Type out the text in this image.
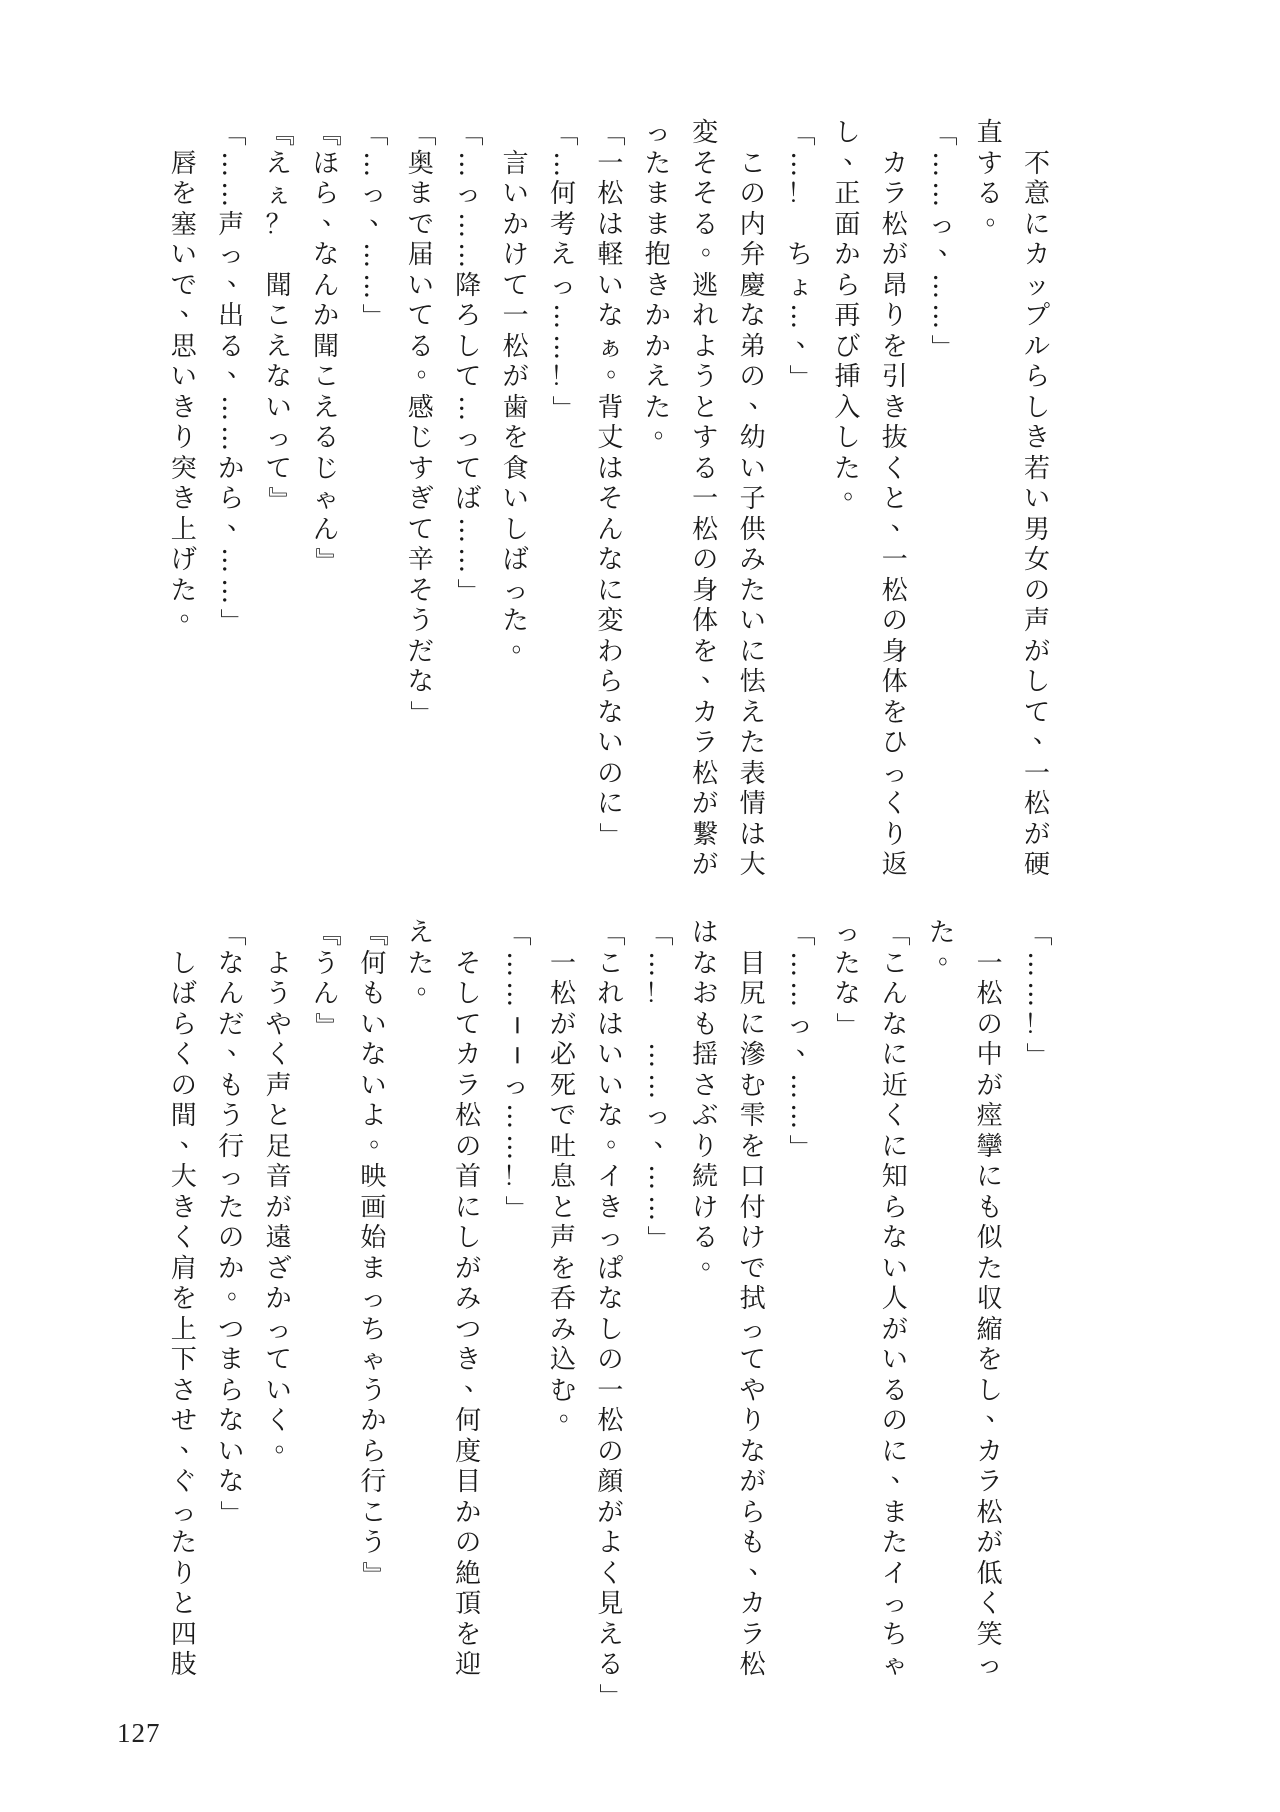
不
意
に
カ
ッ
プ
ル
ら
し
き
若
い
男
女
の
声
が
し
て
、
一
松
が
硬
直
す
る
。
「
…
…
っ
、
…
…
」
カ
ラ
松
が
昂
り
を
引
き
抜
く
と
、
一
松
の
身
体
を
ひ
っ
く
り
返
し
、
正
面
か
ら
再
び
挿
入
し
た
。
「
…
！

ち
ょ
…
、
」
こ
の
内
弁
慶
な
弟
の
、
幼
い
子
供
み
た
い
に
怯
え
た
表
情
は
大
変
そ
そ
る
。
逃
れ
よ
う
と
す
る
一
松
の
身
体
を
、
カ
ラ
松
が
繋
が
っ
た
ま
ま
抱
き
か
か
え
た
。
「
一
松
は
軽
い
な
ぁ
。
背
丈
は
そ
ん
な
に
変
わ
ら
な
い
の
に
」
「
…
何
考
え
っ
…
…
！
」
言
い
か
け
て
一
松
が
歯
を
食
い
し
ば
っ
た
。
「
…
っ
…
…
降
ろ
し
て
…
っ
て
ば
…
…
」
「
奥
ま
で
届
い
て
る
。
感
じ
す
ぎ
て
辛
そ
う
だ
な
」
「
…
っ
、
…
…
」
『
ほ
ら
、
な
ん
か
聞
こ
え
る
じ
ゃ
ん
』
『
え
ぇ
？

聞
こ
え
な
い
っ
て
』
「
…
…
声
っ
、
出
る
、
…
…
か
ら
、
…
…
」
唇
を
塞
い
で
、
思
い
き
り
突
き
上
げ
た
。
「
…
…
！
」
一
松
の
中
が
痙
攣
に
も
似
た
収
縮
を
し
、
カ
ラ
松
が
低
く
笑
っ
た
。
「
こ
ん
な
に
近
く
に
知
ら
な
い
人
が
い
る
の
に
、
ま
た
イ
っ
ち
ゃ
っ
た
な
」
「
…
…
っ
、
…
…
」
目
尻
に
滲
む
雫
を
口
付
け
で
拭
っ
て
や
り
な
が
ら
も
、
カ
ラ
松
は
な
お
も
揺
さ
ぶ
り
続
け
る
。
「
…
！

…
…
っ
、
…
…
」
「
こ
れ
は
い
い
な
。
イ
き
っ
ぱ
な
し
の
一
松
の
顔
が
よ
く
見
え
る
」
一
松
が
必
死
で
吐
息
と
声
を
呑
み
込
む
。
「
…
…
─
─
っ
…
…
！
」
そ
し
て
カ
ラ
松
の
首
に
し
が
み
つ
き
、
何
度
目
か
の
絶
頂
を
迎
え
た
。
『
何
も
い
な
い
よ
。
映
画
始
ま
っ
ち
ゃ
う
か
ら
行
こ
う
』
『
う
ん
』
よ
う
や
く
声
と
足
音
が
遠
ざ
か
っ
て
い
く
。
「
な
ん
だ
、
も
う
行
っ
た
の
か
。
つ
ま
ら
な
い
な
」
し
ば
ら
く
の
間
、
大
き
く
肩
を
上
下
さ
せ
、
ぐ
っ
た
り
と
四
肢
127
